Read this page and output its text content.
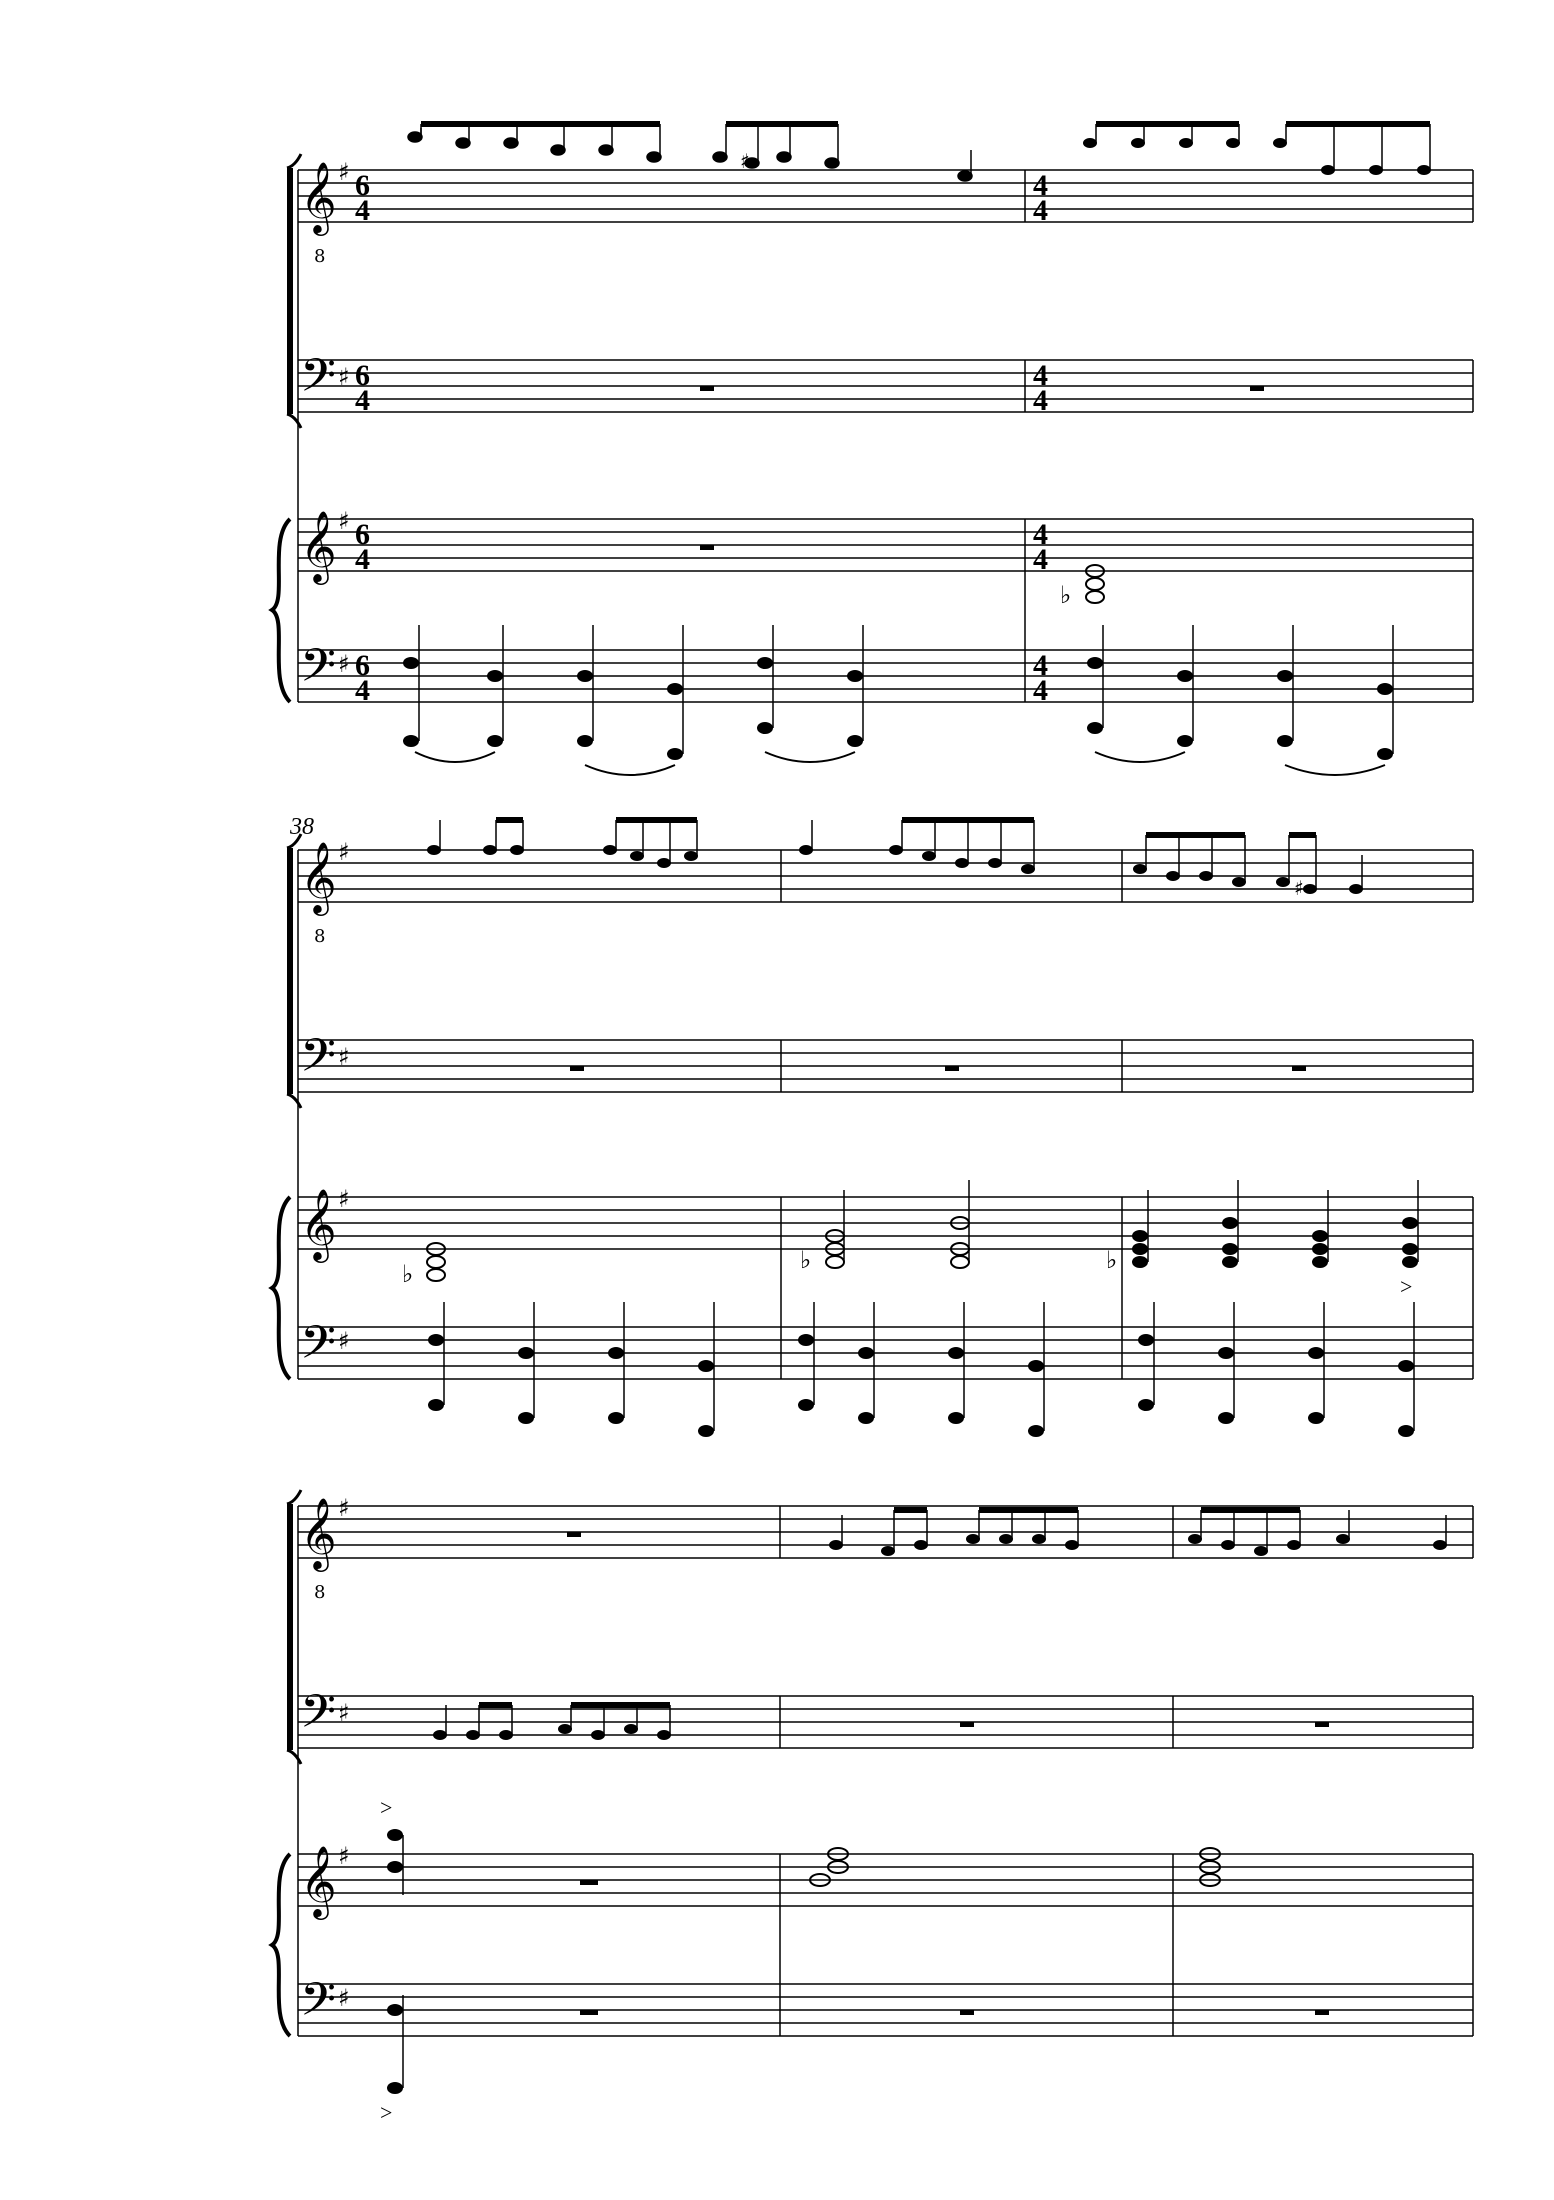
𝄞
8
𝄢
𝄞
𝄢
♯
♯
♯
♯
6
4
6
4
6
4
6
4
4
4
4
4
4
4
4
4
♯
♭
38
𝄞
8
𝄢
𝄞
𝄢
♯
♯
♯
♯
♯
>
♭	♭	♭
𝄞
8
𝄢
𝄞
𝄢
♯
♯
♯
♯
>
>
